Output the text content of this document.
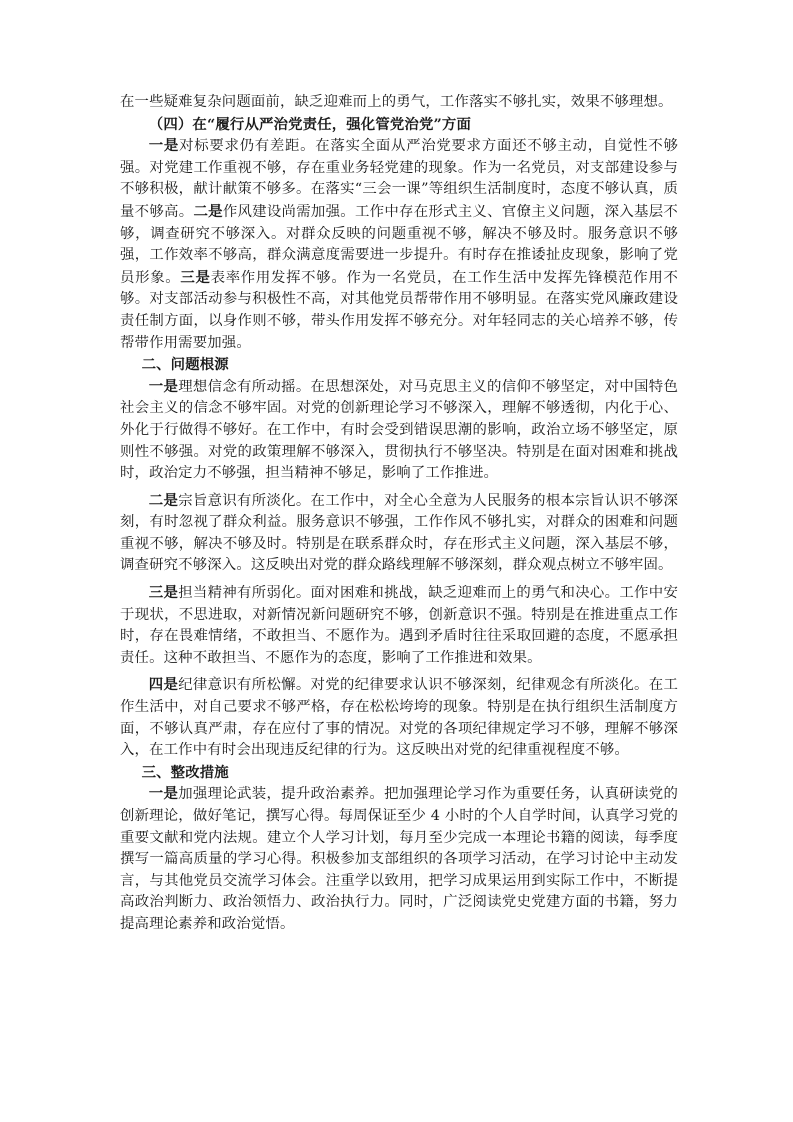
在一些疑难复杂问题面前，缺乏迎难而上的勇气，工作落实不够扎实，效果不够理想。

（四）在“履行从严治党责任，强化管党治党”方面

一是对标要求仍有差距。在落实全面从严治党要求方面还不够主动，自觉性不够强。对党建工作重视不够，存在重业务轻党建的现象。作为一名党员，对支部建设参与不够积极，献计献策不够多。在落实“三会一课”等组织生活制度时，态度不够认真，质量不够高。二是作风建设尚需加强。工作中存在形式主义、官僚主义问题，深入基层不够，调查研究不够深入。对群众反映的问题重视不够，解决不够及时。服务意识不够强，工作效率不够高，群众满意度需要进一步提升。有时存在推诿扯皮现象，影响了党员形象。三是表率作用发挥不够。作为一名党员，在工作生活中发挥先锋模范作用不够。对支部活动参与积极性不高，对其他党员帮带作用不够明显。在落实党风廉政建设责任制方面，以身作则不够，带头作用发挥不够充分。对年轻同志的关心培养不够，传帮带作用需要加强。

二、问题根源

一是理想信念有所动摇。在思想深处，对马克思主义的信仰不够坚定，对中国特色社会主义的信念不够牢固。对党的创新理论学习不够深入，理解不够透彻，内化于心、外化于行做得不够好。在工作中，有时会受到错误思潮的影响，政治立场不够坚定，原则性不够强。对党的政策理解不够深入，贯彻执行不够坚决。特别是在面对困难和挑战时，政治定力不够强，担当精神不够足，影响了工作推进。

二是宗旨意识有所淡化。在工作中，对全心全意为人民服务的根本宗旨认识不够深刻，有时忽视了群众利益。服务意识不够强，工作作风不够扎实，对群众的困难和问题重视不够，解决不够及时。特别是在联系群众时，存在形式主义问题，深入基层不够，调查研究不够深入。这反映出对党的群众路线理解不够深刻，群众观点树立不够牢固。

三是担当精神有所弱化。面对困难和挑战，缺乏迎难而上的勇气和决心。工作中安于现状，不思进取，对新情况新问题研究不够，创新意识不强。特别是在推进重点工作时，存在畏难情绪，不敢担当、不愿作为。遇到矛盾时往往采取回避的态度，不愿承担责任。这种不敢担当、不愿作为的态度，影响了工作推进和效果。

四是纪律意识有所松懈。对党的纪律要求认识不够深刻，纪律观念有所淡化。在工作生活中，对自己要求不够严格，存在松松垮垮的现象。特别是在执行组织生活制度方面，不够认真严肃，存在应付了事的情况。对党的各项纪律规定学习不够，理解不够深入，在工作中有时会出现违反纪律的行为。这反映出对党的纪律重视程度不够。

三、整改措施

一是加强理论武装，提升政治素养。把加强理论学习作为重要任务，认真研读党的创新理论，做好笔记，撰写心得。每周保证至少 4 小时的个人自学时间，认真学习党的重要文献和党内法规。建立个人学习计划，每月至少完成一本理论书籍的阅读，每季度撰写一篇高质量的学习心得。积极参加支部组织的各项学习活动，在学习讨论中主动发言，与其他党员交流学习体会。注重学以致用，把学习成果运用到实际工作中，不断提高政治判断力、政治领悟力、政治执行力。同时，广泛阅读党史党建方面的书籍，努力提高理论素养和政治觉悟。
